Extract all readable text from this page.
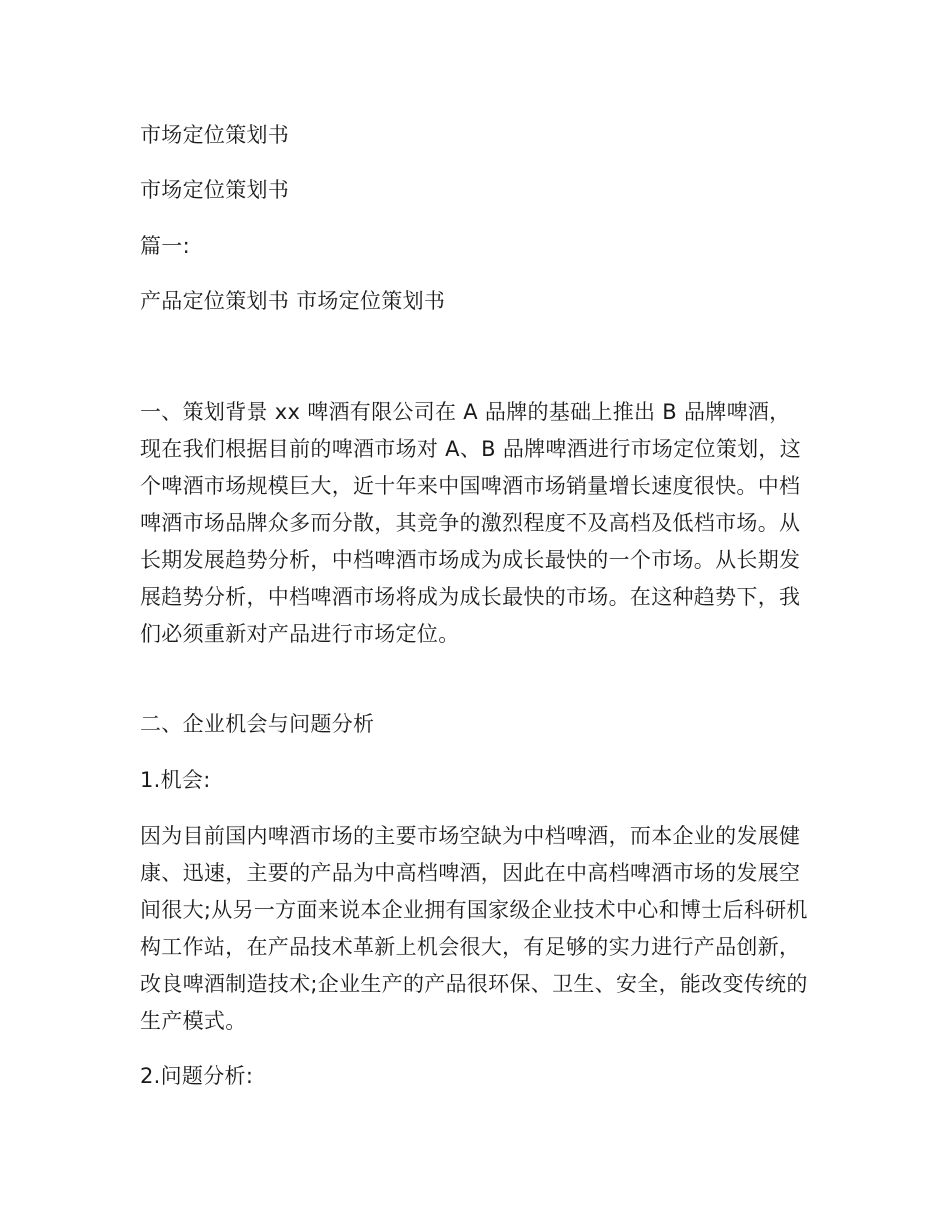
市场定位策划书
市场定位策划书
篇一:
产品定位策划书 市场定位策划书
一、策划背景 xx 啤酒有限公司在 A 品牌的基础上推出 B 品牌啤酒，现在我们根据目前的啤酒市场对 A、B 品牌啤酒进行市场定位策划，这个啤酒市场规模巨大，近十年来中国啤酒市场销量增长速度很快。中档啤酒市场品牌众多而分散，其竞争的激烈程度不及高档及低档市场。从长期发展趋势分析，中档啤酒市场成为成长最快的一个市场。从长期发展趋势分析，中档啤酒市场将成为成长最快的市场。在这种趋势下，我们必须重新对产品进行市场定位。
二、企业机会与问题分析
1.机会:
因为目前国内啤酒市场的主要市场空缺为中档啤酒，而本企业的发展健康、迅速，主要的产品为中高档啤酒，因此在中高档啤酒市场的发展空间很大;从另一方面来说本企业拥有国家级企业技术中心和博士后科研机构工作站，在产品技术革新上机会很大，有足够的实力进行产品创新，改良啤酒制造技术;企业生产的产品很环保、卫生、安全，能改变传统的生产模式。
2.问题分析:
